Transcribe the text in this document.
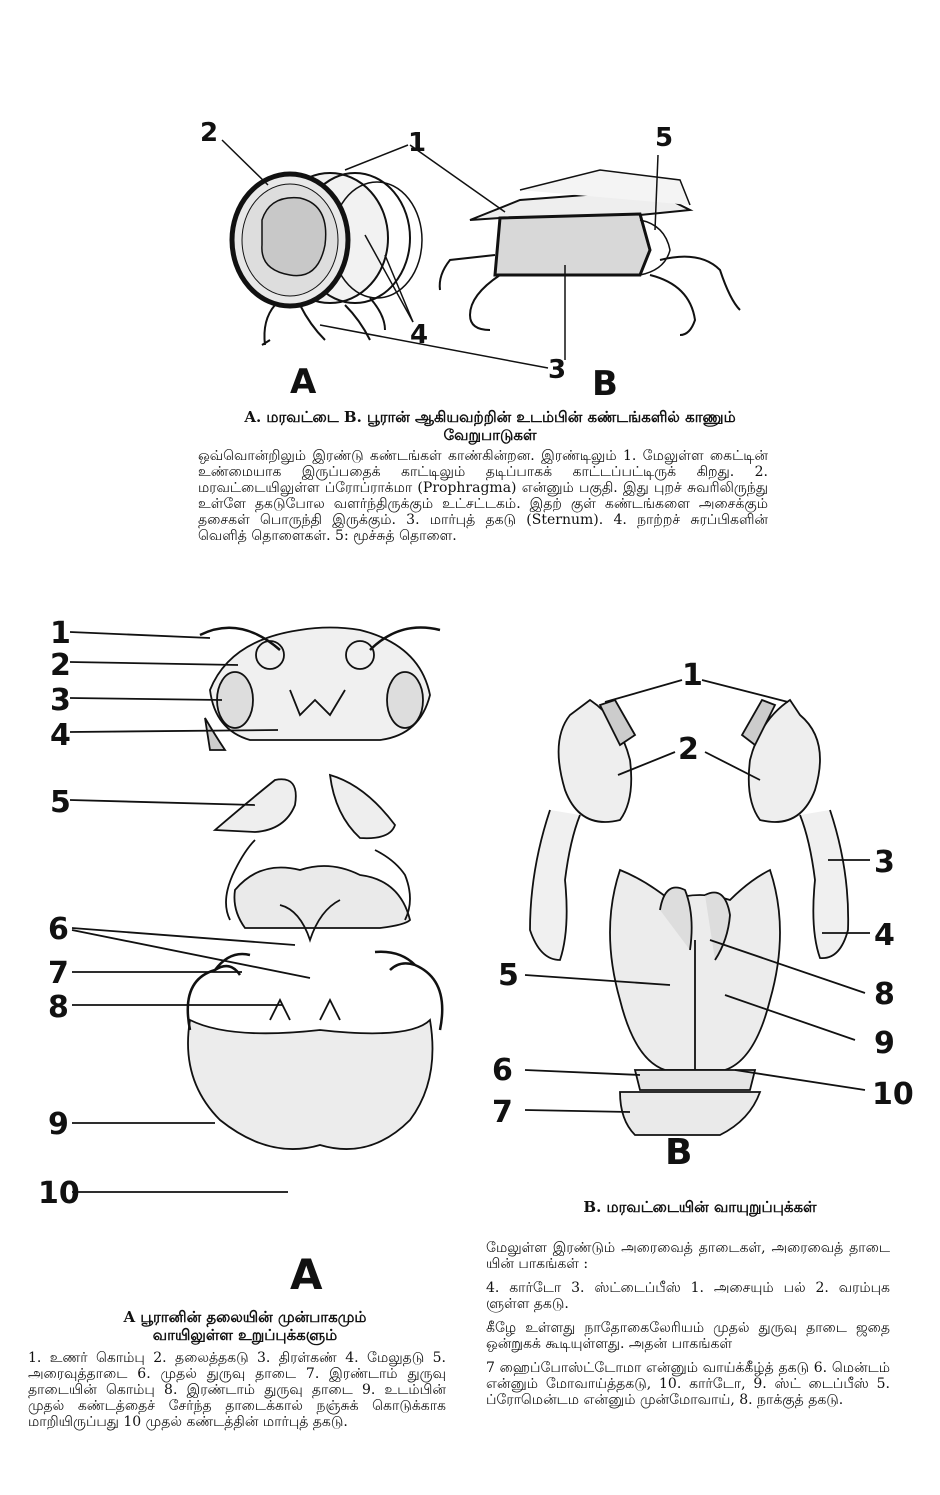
2	1	5
4
3
A	B
A. மரவட்டை B. பூரான் ஆகியவற்றின் உடம்பின் கண்டங்களில் காணும் வேறுபாடுகள்
ஒவ்வொன்றிலும் இரண்டு கண்டங்கள் காண்கின்றன. இரண்டிலும் 1. மேலுள்ள கைட்டின் உண்மையாக இருப்பதைக் காட்டிலும் தடிப்பாகக் காட்டப்பட்டிருக் கிறது. 2. மரவட்டையிலுள்ள ப்ரோப்ராக்மா (Prophragma) என்னும் பகுதி. இது புறச் சுவரிலிருந்து உள்ளே தகடுபோல வளர்ந்திருக்கும் உட்சட்டகம். இதற் குள் கண்டங்களை அசைக்கும் தசைகள் பொருந்தி இருக்கும். 3. மார்புத் தகடு (Sternum). 4. நாற்றச் சுரப்பிகளின் வெளித் தொளைகள். 5: மூச்சுத் தொளை.
1
2
3
4
5
6
7
8
9
10
A
A பூரானின் தலையின் முன்பாகமும் வாயிலுள்ள உறுப்புக்களும்
1. உணர் கொம்பு 2. தலைத்தகடு 3. திரள்கண் 4. மேலுதடு 5. அரைவுத்தாடை 6. முதல் துருவு தாடை 7. இரண்டாம் துருவு தாடையின் கொம்பு 8. இரண்டாம் துருவு தாடை 9. உடம்பின் முதல் கண்டத்தைச் சேர்ந்த தாடைக்கால் நஞ்சுக் கொடுக்காக மாறியிருப்பது 10 முதல் கண்டத்தின் மார்புத் தகடு.
1
2
3
4
5
8
9
6
10
7
B
B. மரவட்டையின் வாயுறுப்புக்கள்

மேலுள்ள இரண்டும் அரைவைத் தாடைகள், அரைவைத் தாடை யின் பாகங்கள் :

4. கார்டோ 3. ஸ்ட்டைப்பீஸ் 1. அசையும் பல் 2. வரம்புக ளுள்ள தகடு.

கீழே உள்ளது நாதோகைலேரியம் முதல் துருவு தாடை ஜதை ஒன்றுகக் கூடியுள்ளது. அதன் பாகங்கள்

7 ஹைப்போஸ்ட்டோமா என்னும் வாய்க்கீழ்த் தகடு 6. மென்டம் என்னும் மோவாய்த்தகடு, 10. கார்டோ, 9. ஸ்ட் டைப்பீஸ் 5. ப்ரோமென்டம என்னும் முன்மோவாய், 8. நாக்குத் தகடு.
